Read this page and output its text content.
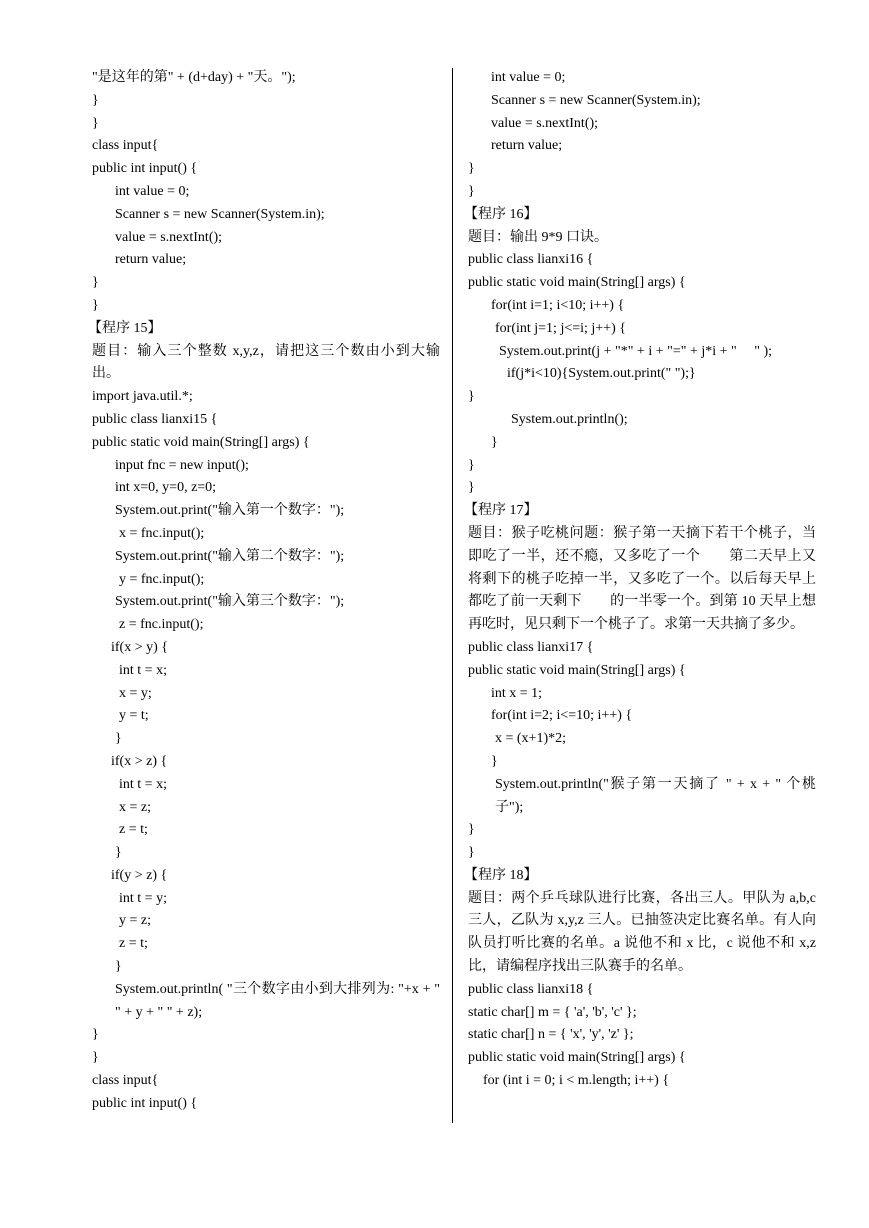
"是这年的第" + (d+day) + "天。");
}
}
class input{
public int input() {
int value = 0;
Scanner s = new Scanner(System.in);
value = s.nextInt();
return value;
}
}
【程序 15】
题目：输入三个整数 x,y,z，请把这三个数由小到大输出。
import java.util.*;
public class lianxi15 {
public static void main(String[] args) {
input fnc = new input();
int x=0, y=0, z=0;
System.out.print("输入第一个数字：");
x = fnc.input();
System.out.print("输入第二个数字：");
y = fnc.input();
System.out.print("输入第三个数字：");
z = fnc.input();
if(x > y) {
int t = x;
x = y;
y = t;
}
if(x > z) {
int t = x;
x = z;
z = t;
}
if(y > z) {
int t = y;
y = z;
z = t;
}
System.out.println( "三个数字由小到大排列为: "+x + " " + y + " " + z);
}
}
class input{
public int input() {
int value = 0;
Scanner s = new Scanner(System.in);
value = s.nextInt();
return value;
}
}
【程序 16】
题目：输出 9*9 口诀。
public class lianxi16 {
public static void main(String[] args) {
for(int i=1; i<10; i++) {
for(int j=1; j<=i; j++) {
System.out.print(j + "*" + i + "=" + j*i + "     " );
if(j*i<10){System.out.print(" ");}
}
System.out.println();
}
}
}
【程序 17】
题目：猴子吃桃问题：猴子第一天摘下若干个桃子，当即吃了一半，还不瘾，又多吃了一个　　第二天早上又将剩下的桃子吃掉一半，又多吃了一个。以后每天早上都吃了前一天剩下　　的一半零一个。到第 10 天早上想再吃时，见只剩下一个桃子了。求第一天共摘了多少。
public class lianxi17 {
public static void main(String[] args) {
int x = 1;
for(int i=2; i<=10; i++) {
x = (x+1)*2;
}
System.out.println("猴子第一天摘了 " + x + " 个桃子");
}
}
【程序 18】
题目：两个乒乓球队进行比赛，各出三人。甲队为 a,b,c 三人，乙队为 x,y,z 三人。已抽签决定比赛名单。有人向队员打听比赛的名单。a 说他不和 x 比，c 说他不和 x,z 比，请编程序找出三队赛手的名单。
public class lianxi18 {
static char[] m = { 'a', 'b', 'c' };
static char[] n = { 'x', 'y', 'z' };
public static void main(String[] args) {
for (int i = 0; i < m.length; i++) {
